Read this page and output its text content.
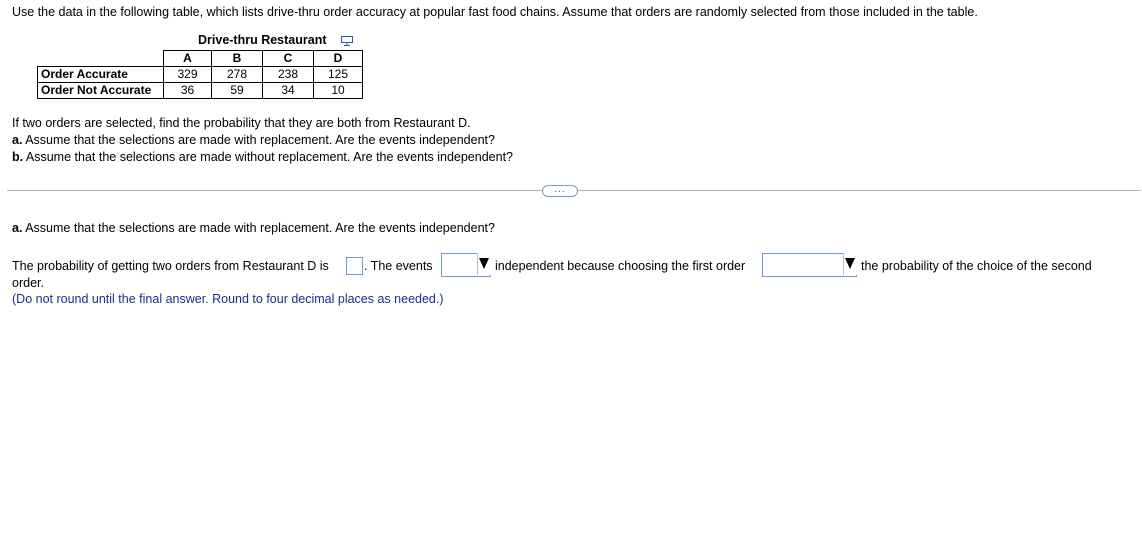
Use the data in the following table, which lists drive-thru order accuracy at popular fast food chains. Assume that orders are randomly selected from those included in the table.
Drive-thru Restaurant
	A	B	C	D
Order Accurate	329	278	238	125
Order Not Accurate	36	59	34	10
If two orders are selected, find the probability that they are both from Restaurant D.
a. Assume that the selections are made with replacement. Are the events independent?
b. Assume that the selections are made without replacement. Are the events independent?
...
a. Assume that the selections are made with replacement. Are the events independent?
The probability of getting two orders from Restaurant D is	. The events	independent because choosing the first order	the probability of the choice of the second
order.
(Do not round until the final answer. Round to four decimal places as needed.)
